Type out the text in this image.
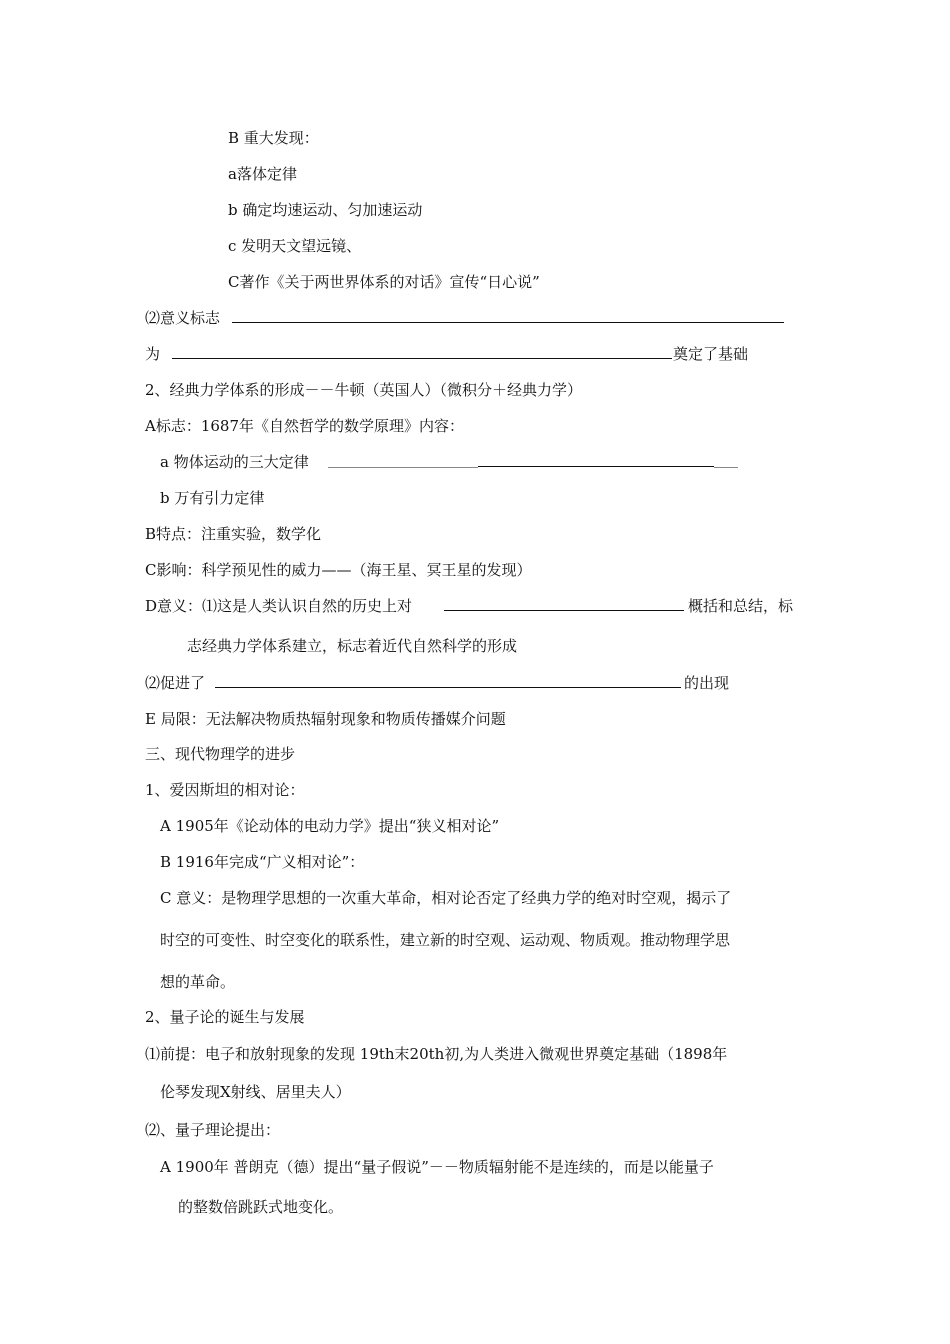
B 重大发现：
a落体定律
b 确定均速运动、匀加速运动
c 发明天文望远镜、
C著作《关于两世界体系的对话》宣传“日心说”
⑵意义标志
为	奠定了基础
2、经典力学体系的形成－－牛顿（英国人）（微积分＋经典力学）
A标志：1687年《自然哲学的数学原理》内容：
a 物体运动的三大定律
b 万有引力定律
B特点：注重实验，数学化
C影响：科学预见性的威力——（海王星、冥王星的发现）
D意义：⑴这是人类认识自然的历史上对	概括和总结，标
志经典力学体系建立，标志着近代自然科学的形成
⑵促进了	的出现
E 局限：无法解决物质热辐射现象和物质传播媒介问题
三、现代物理学的进步
1、爱因斯坦的相对论：
A 1905年《论动体的电动力学》提出“狭义相对论”
B 1916年完成“广义相对论”：
C 意义：是物理学思想的一次重大革命，相对论否定了经典力学的绝对时空观，揭示了
时空的可变性、时空变化的联系性，建立新的时空观、运动观、物质观。推动物理学思
想的革命。
2、量子论的诞生与发展
⑴前提：电子和放射现象的发现 19th末20th初,为人类进入微观世界奠定基础（1898年
伦琴发现X射线、居里夫人）
⑵、量子理论提出：
A 1900年 普朗克（德）提出“量子假说”－－物质辐射能不是连续的，而是以能量子
的整数倍跳跃式地变化。
